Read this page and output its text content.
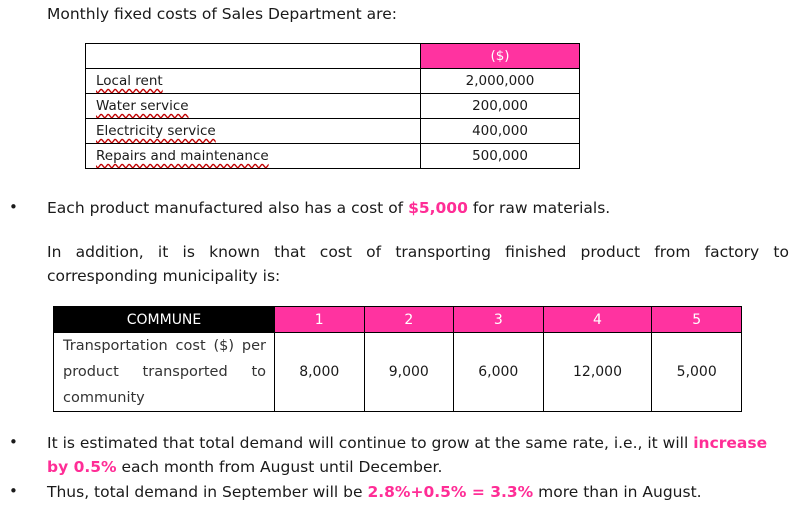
Monthly fixed costs of Sales Department are:
	($)
Local rent	2,000,000
Water service	200,000
Electricity service	400,000
Repairs and maintenance	500,000
• Each product manufactured also has a cost of $5,000 for raw materials.
In addition, it is known that cost of transporting finished product from factory to
corresponding municipality is:
COMMUNE	1	2	3	4	5
Transportation cost ($) per product transported to community	8,000	9,000	6,000	12,000	5,000
• It is estimated that total demand will continue to grow at the same rate, i.e., it will increase by 0.5% each month from August until December.
• Thus, total demand in September will be 2.8%+0.5% = 3.3% more than in August.
